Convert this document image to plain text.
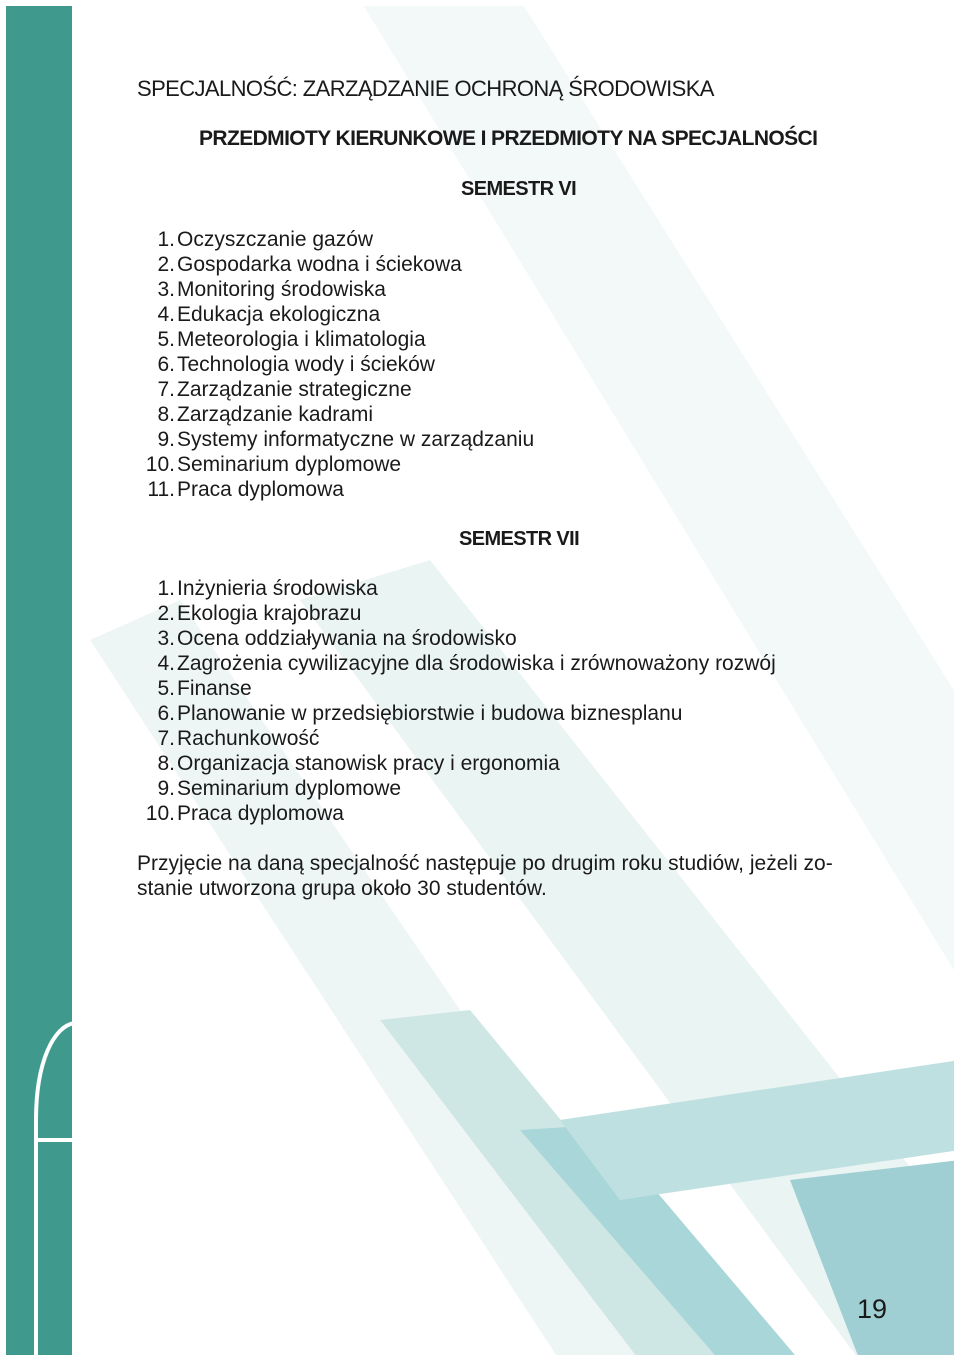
SPECJALNOŚĆ: ZARZĄDZANIE OCHRONĄ ŚRODOWISKA
PRZEDMIOTY KIERUNKOWE I PRZEDMIOTY NA SPECJALNOŚCI
SEMESTR VI
1. Oczyszczanie gazów
2. Gospodarka wodna i ściekowa
3. Monitoring środowiska
4. Edukacja ekologiczna
5. Meteorologia i klimatologia
6. Technologia wody i ścieków
7. Zarządzanie strategiczne
8. Zarządzanie kadrami
9. Systemy informatyczne w zarządzaniu
10. Seminarium dyplomowe
11. Praca dyplomowa
SEMESTR VII
1. Inżynieria środowiska
2. Ekologia krajobrazu
3. Ocena oddziaływania na środowisko
4. Zagrożenia cywilizacyjne dla środowiska i zrównoważony rozwój
5. Finanse
6. Planowanie w przedsiębiorstwie i budowa biznesplanu
7. Rachunkowość
8. Organizacja stanowisk pracy i ergonomia
9. Seminarium dyplomowe
10. Praca dyplomowa

Przyjęcie na daną specjalność następuje po drugim roku studiów, jeżeli zo-
stanie utworzona grupa około 30 studentów.

19
